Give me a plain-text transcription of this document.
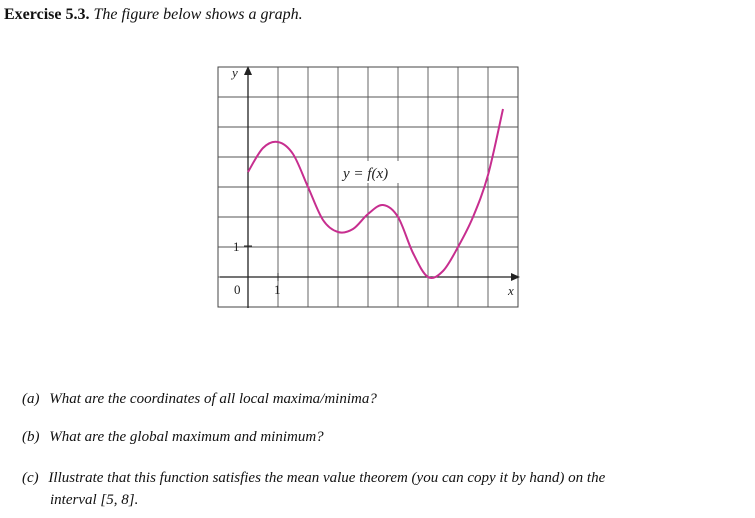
Exercise 5.3. The figure below shows a graph.
y = f(x)
y
x
1
0	1
(a) What are the coordinates of all local maxima/minima?
(b) What are the global maximum and minimum?
(c) Illustrate that this function satisfies the mean value theorem (you can copy it by hand) on the
interval [5, 8].
